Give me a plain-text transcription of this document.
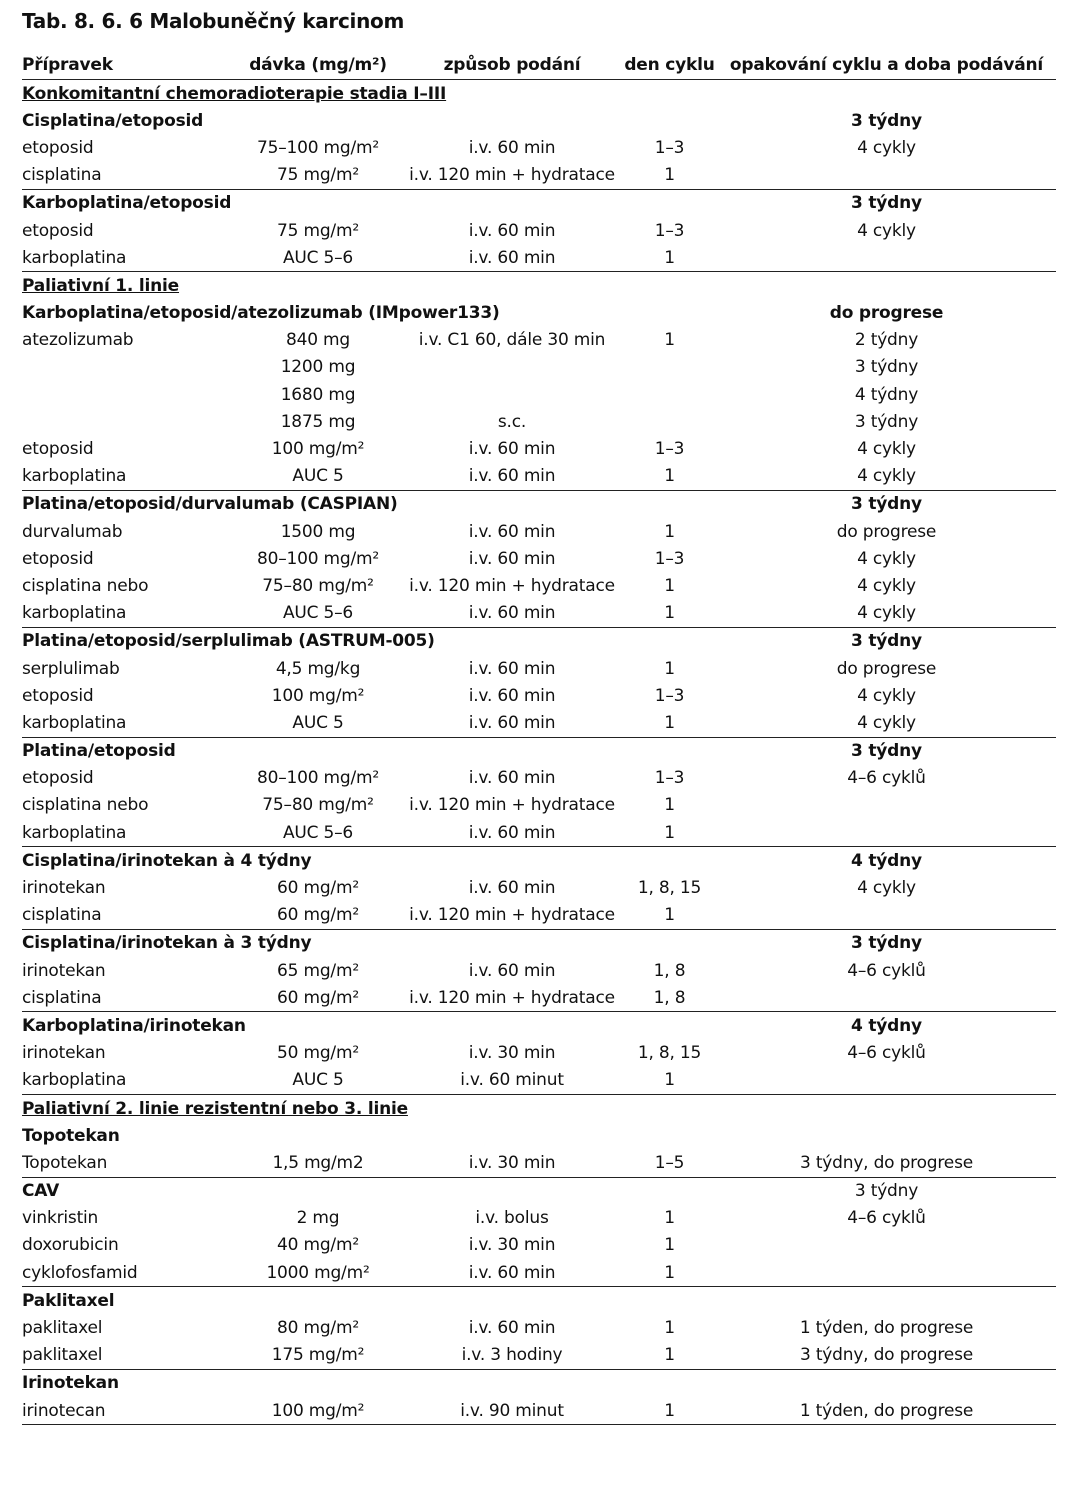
Tab. 8. 6. 6 Malobuněčný karcinom
Přípravek	dávka (mg/m²)	způsob podání	den cyklu	opakování cyklu a doba podávání
Konkomitantní chemoradioterapie stadia I–III				
Cisplatina/etoposid				3 týdny
etoposid	75–100 mg/m²	i.v. 60 min	1–3	4 cykly
cisplatina	75 mg/m²	i.v. 120 min + hydratace	1	
Karboplatina/etoposid				3 týdny
etoposid	75 mg/m²	i.v. 60 min	1–3	4 cykly
karboplatina	AUC 5–6	i.v. 60 min	1	
Paliativní 1. linie				
Karboplatina/etoposid/atezolizumab (IMpower133)				do progrese
atezolizumab	840 mg	i.v. C1 60, dále 30 min	1	2 týdny
	1200 mg			3 týdny
	1680 mg			4 týdny
	1875 mg	s.c.		3 týdny
etoposid	100 mg/m²	i.v. 60 min	1–3	4 cykly
karboplatina	AUC 5	i.v. 60 min	1	4 cykly
Platina/etoposid/durvalumab (CASPIAN)				3 týdny
durvalumab	1500 mg	i.v. 60 min	1	do progrese
etoposid	80–100 mg/m²	i.v. 60 min	1–3	4 cykly
cisplatina nebo	75–80 mg/m²	i.v. 120 min + hydratace	1	4 cykly
karboplatina	AUC 5–6	i.v. 60 min	1	4 cykly
Platina/etoposid/serplulimab (ASTRUM-005)				3 týdny
serplulimab	4,5 mg/kg	i.v. 60 min	1	do progrese
etoposid	100 mg/m²	i.v. 60 min	1–3	4 cykly
karboplatina	AUC 5	i.v. 60 min	1	4 cykly
Platina/etoposid				3 týdny
etoposid	80–100 mg/m²	i.v. 60 min	1–3	4–6 cyklů
cisplatina nebo	75–80 mg/m²	i.v. 120 min + hydratace	1	
karboplatina	AUC 5–6	i.v. 60 min	1	
Cisplatina/irinotekan à 4 týdny				4 týdny
irinotekan	60 mg/m²	i.v. 60 min	1, 8, 15	4 cykly
cisplatina	60 mg/m²	i.v. 120 min + hydratace	1	
Cisplatina/irinotekan à 3 týdny				3 týdny
irinotekan	65 mg/m²	i.v. 60 min	1, 8	4–6 cyklů
cisplatina	60 mg/m²	i.v. 120 min + hydratace	1, 8	
Karboplatina/irinotekan				4 týdny
irinotekan	50 mg/m²	i.v. 30 min	1, 8, 15	4–6 cyklů
karboplatina	AUC 5	i.v. 60 minut	1	
Paliativní 2. linie rezistentní nebo 3. linie				
Topotekan				
Topotekan	1,5 mg/m2	i.v. 30 min	1–5	3 týdny, do progrese
CAV				3 týdny
vinkristin	2 mg	i.v. bolus	1	4–6 cyklů
doxorubicin	40 mg/m²	i.v. 30 min	1	
cyklofosfamid	1000 mg/m²	i.v. 60 min	1	
Paklitaxel				
paklitaxel	80 mg/m²	i.v. 60 min	1	1 týden, do progrese
paklitaxel	175 mg/m²	i.v. 3 hodiny	1	3 týdny, do progrese
Irinotekan				
irinotecan	100 mg/m²	i.v. 90 minut	1	1 týden, do progrese
